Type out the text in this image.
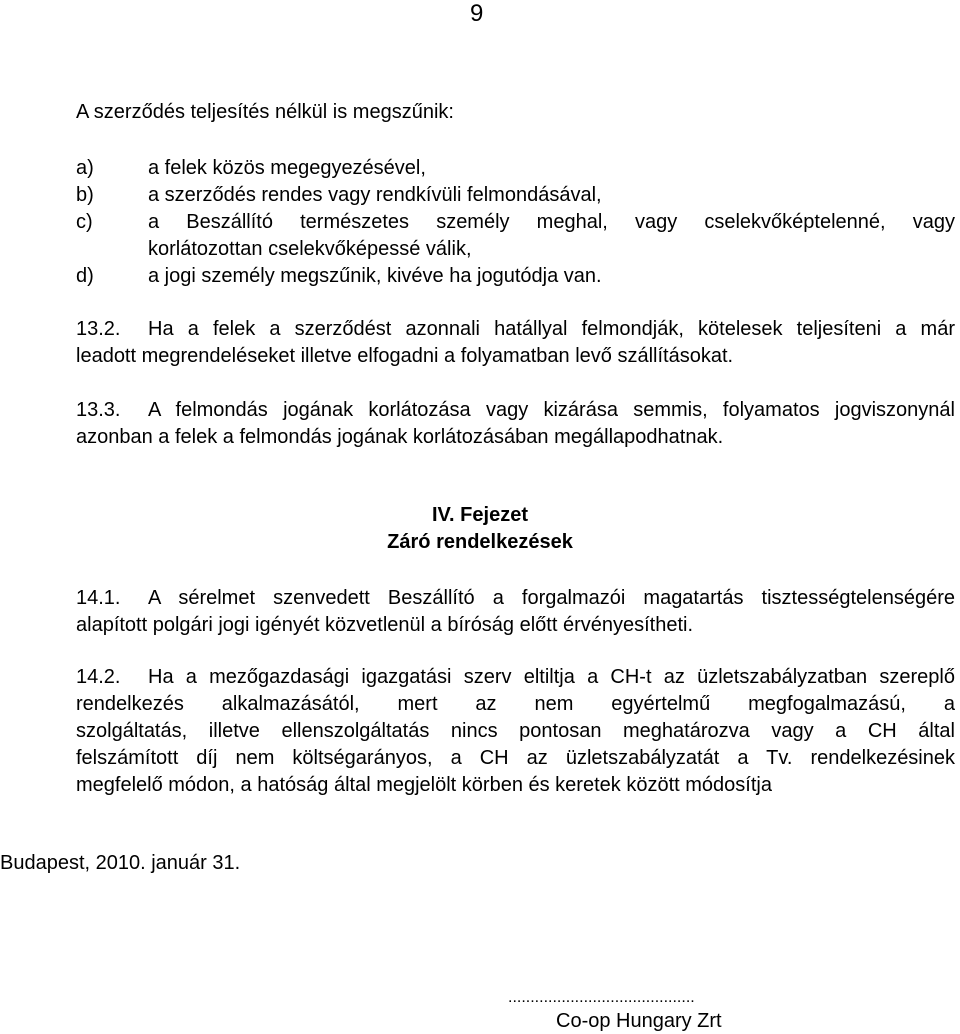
9
A szerződés teljesítés nélkül is megszűnik:
a)	a felek közös megegyezésével,
b)	a szerződés rendes vagy rendkívüli felmondásával,
c)	a Beszállító természetes személy meghal, vagy cselekvőképtelenné, vagy
korlátozottan cselekvőképessé válik,
d)	a jogi személy megszűnik, kivéve ha jogutódja van.
13.2. Ha a felek a szerződést azonnali hatállyal felmondják, kötelesek teljesíteni a már
leadott megrendeléseket illetve elfogadni a folyamatban levő szállításokat.
13.3. A felmondás jogának korlátozása vagy kizárása semmis, folyamatos jogviszonynál
azonban a felek a felmondás jogának korlátozásában megállapodhatnak.
IV. Fejezet
Záró rendelkezések
14.1. A sérelmet szenvedett Beszállító a forgalmazói magatartás tisztességtelenségére
alapított polgári jogi igényét közvetlenül a bíróság előtt érvényesítheti.
14.2. Ha a mezőgazdasági igazgatási szerv eltiltja a CH-t az üzletszabályzatban szereplő
rendelkezés alkalmazásától, mert az nem egyértelmű megfogalmazású, a
szolgáltatás, illetve ellenszolgáltatás nincs pontosan meghatározva vagy a CH által
felszámított díj nem költségarányos, a CH az üzletszabályzatát a Tv. rendelkezésinek
megfelelő módon, a hatóság által megjelölt körben és keretek között módosítja
Budapest, 2010. január 31.
..........................................
Co-op Hungary Zrt
